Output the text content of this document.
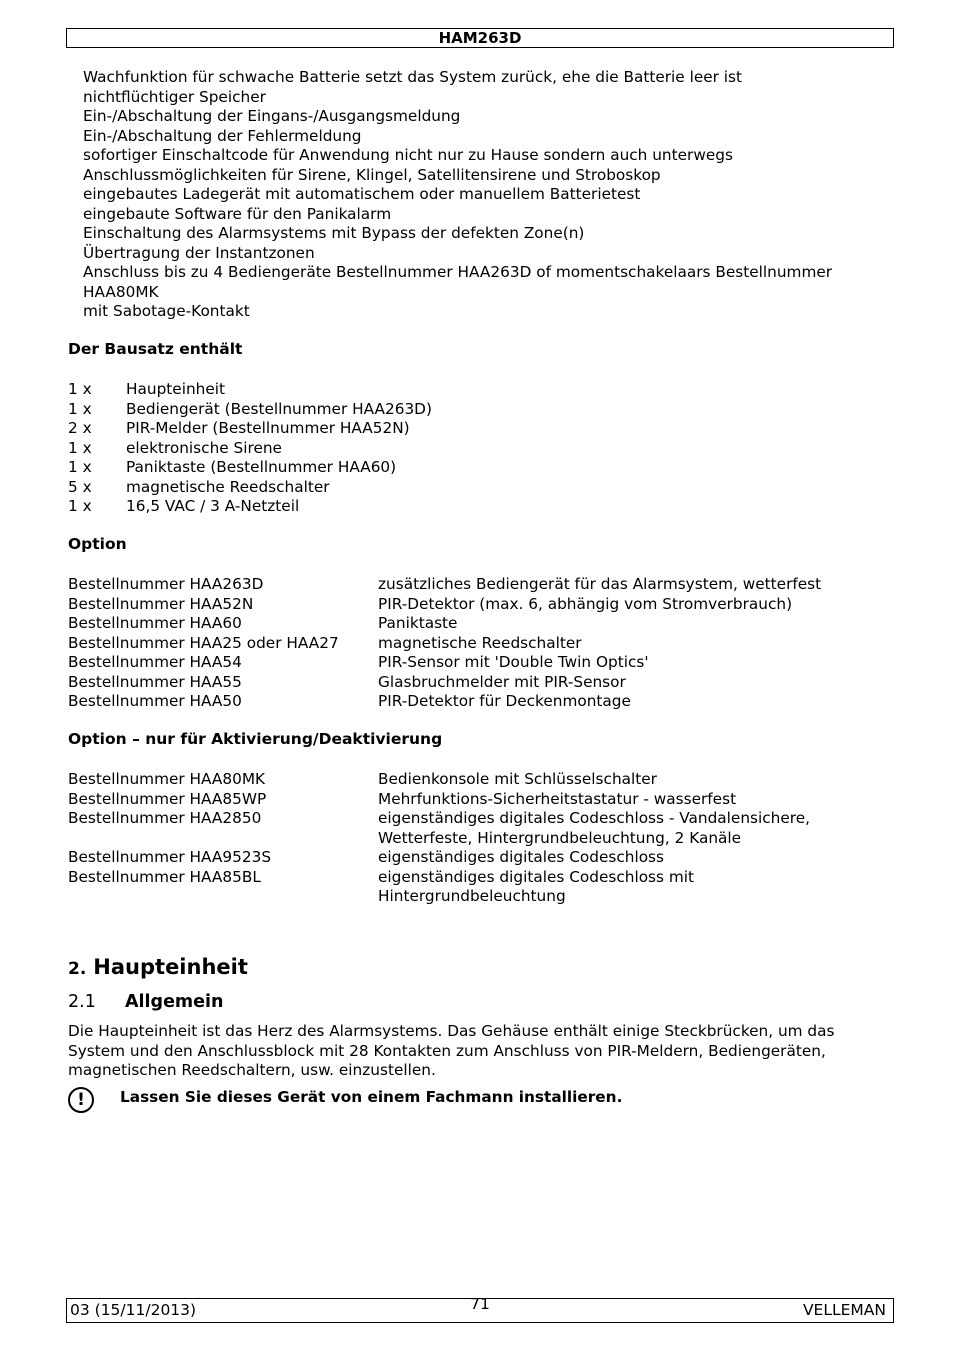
HAM263D
Wachfunktion für schwache Batterie setzt das System zurück, ehe die Batterie leer ist
nichtflüchtiger Speicher
Ein-/Abschaltung der Eingans-/Ausgangsmeldung
Ein-/Abschaltung der Fehlermeldung
sofortiger Einschaltcode für Anwendung nicht nur zu Hause sondern auch unterwegs
Anschlussmöglichkeiten für Sirene, Klingel, Satellitensirene und Stroboskop
eingebautes Ladegerät mit automatischem oder manuellem Batterietest
eingebaute Software für den Panikalarm
Einschaltung des Alarmsystems mit Bypass der defekten Zone(n)
Übertragung der Instantzonen
Anschluss bis zu 4 Bediengeräte Bestellnummer HAA263D of momentschakelaars Bestellnummer
HAA80MK
mit Sabotage-Kontakt
Der Bausatz enthält
1 x	Haupteinheit
1 x	Bediengerät (Bestellnummer HAA263D)
2 x	PIR-Melder (Bestellnummer HAA52N)
1 x	elektronische Sirene
1 x	Paniktaste (Bestellnummer HAA60)
5 x	magnetische Reedschalter
1 x	16,5 VAC / 3 A-Netzteil
Option
Bestellnummer HAA263D	zusätzliches Bediengerät für das Alarmsystem, wetterfest
Bestellnummer HAA52N	PIR-Detektor (max. 6, abhängig vom Stromverbrauch)
Bestellnummer HAA60	Paniktaste
Bestellnummer HAA25 oder HAA27	magnetische Reedschalter
Bestellnummer HAA54	PIR-Sensor mit 'Double Twin Optics'
Bestellnummer HAA55	Glasbruchmelder mit PIR-Sensor
Bestellnummer HAA50	PIR-Detektor für Deckenmontage
Option – nur für Aktivierung/Deaktivierung
Bestellnummer HAA80MK	Bedienkonsole mit Schlüsselschalter
Bestellnummer HAA85WP	Mehrfunktions-Sicherheitstastatur - wasserfest
Bestellnummer HAA2850	eigenständiges digitales Codeschloss - Vandalensichere, Wetterfeste, Hintergrundbeleuchtung, 2 Kanäle
Bestellnummer HAA9523S	eigenständiges digitales Codeschloss
Bestellnummer HAA85BL	eigenständiges digitales Codeschloss mit Hintergrundbeleuchtung
2. Haupteinheit
2.1 Allgemein
Die Haupteinheit ist das Herz des Alarmsystems. Das Gehäuse enthält einige Steckbrücken, um das System und den Anschlussblock mit 28 Kontakten zum Anschluss von PIR-Meldern, Bediengeräten, magnetischen Reedschaltern, usw. einzustellen.
!	Lassen Sie dieses Gerät von einem Fachmann installieren.
03 (15/11/2013)	71	VELLEMAN
